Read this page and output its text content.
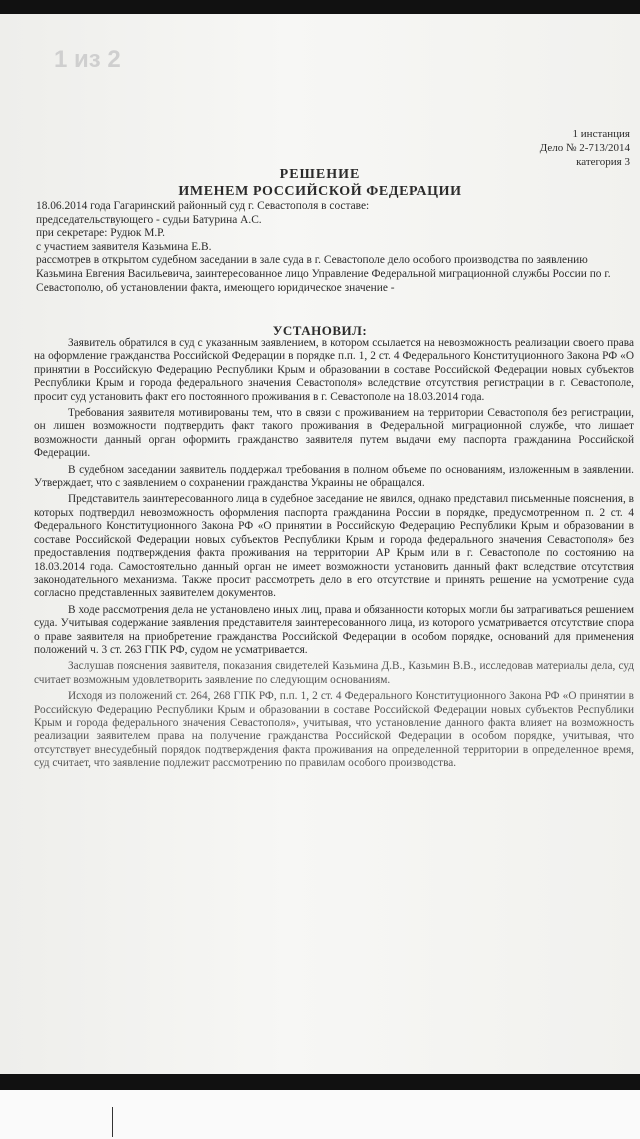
1 из 2
1 инстанция
Дело № 2-713/2014
категория 3
РЕШЕНИЕ
ИМЕНЕМ РОССИЙСКОЙ ФЕДЕРАЦИИ

18.06.2014 года Гагаринский районный суд г. Севастополя в составе:

председательствующего - судьи Батурина А.С.

при секретаре: Рудюк М.Р.

с участием заявителя Казьмина Е.В.

рассмотрев в открытом судебном заседании в зале суда в г. Севастополе дело особого производства по заявлению Казьмина Евгения Васильевича, заинтересованное лицо Управление Федеральной миграционной службы России по г. Севастополю, об установлении факта, имеющего юридическое значение -

УСТАНОВИЛ:

Заявитель обратился в суд с указанным заявлением, в котором ссылается на невозможность реализации своего права на оформление гражданства Российской Федерации в порядке п.п. 1, 2 ст. 4 Федерального Конституционного Закона РФ «О принятии в Российскую Федерацию Республики Крым и образовании в составе Российской Федерации новых субъектов Республики Крым и города федерального значения Севастополя» вследствие отсутствия регистрации в г. Севастополе, просит суд установить факт его постоянного проживания в г. Севастополе на 18.03.2014 года.

Требования заявителя мотивированы тем, что в связи с проживанием на территории Севастополя без регистрации, он лишен возможности подтвердить факт такого проживания в Федеральной миграционной службе, что лишает возможности данный орган оформить гражданство заявителя путем выдачи ему паспорта гражданина Российской Федерации.

В судебном заседании заявитель поддержал требования в полном объеме по основаниям, изложенным в заявлении. Утверждает, что с заявлением о сохранении гражданства Украины не обращался.

Представитель заинтересованного лица в судебное заседание не явился, однако представил письменные пояснения, в которых подтвердил невозможность оформления паспорта гражданина России в порядке, предусмотренном п. 2 ст. 4 Федерального Конституционного Закона РФ «О принятии в Российскую Федерацию Республики Крым и образовании в составе Российской Федерации новых субъектов Республики Крым и города федерального значения Севастополя» без предоставления подтверждения факта проживания на территории АР Крым или в г. Севастополе по состоянию на 18.03.2014 года. Самостоятельно данный орган не имеет возможности установить данный факт вследствие отсутствия законодательного механизма. Также просит рассмотреть дело в его отсутствие и принять решение на усмотрение суда согласно представленных заявителем документов.

В ходе рассмотрения дела не установлено иных лиц, права и обязанности которых могли бы затрагиваться решением суда. Учитывая содержание заявления представителя заинтересованного лица, из которого усматривается отсутствие спора о праве заявителя на приобретение гражданства Российской Федерации в особом порядке, оснований для применения положений ч. 3 ст. 263 ГПК РФ, судом не усматривается.

Заслушав пояснения заявителя, показания свидетелей Казьмина Д.В., Казьмин В.В., исследовав материалы дела, суд считает возможным удовлетворить заявление по следующим основаниям.

Исходя из положений ст. 264, 268 ГПК РФ, п.п. 1, 2 ст. 4 Федерального Конституционного Закона РФ «О принятии в Российскую Федерацию Республики Крым и образовании в составе Российской Федерации новых субъектов Республики Крым и города федерального значения Севастополя», учитывая, что установление данного факта влияет на возможность реализации заявителем права на получение гражданства Российской Федерации в особом порядке, учитывая, что отсутствует внесудебный порядок подтверждения факта проживания на определенной территории в определенное время, суд считает, что заявление подлежит рассмотрению по правилам особого производства.
